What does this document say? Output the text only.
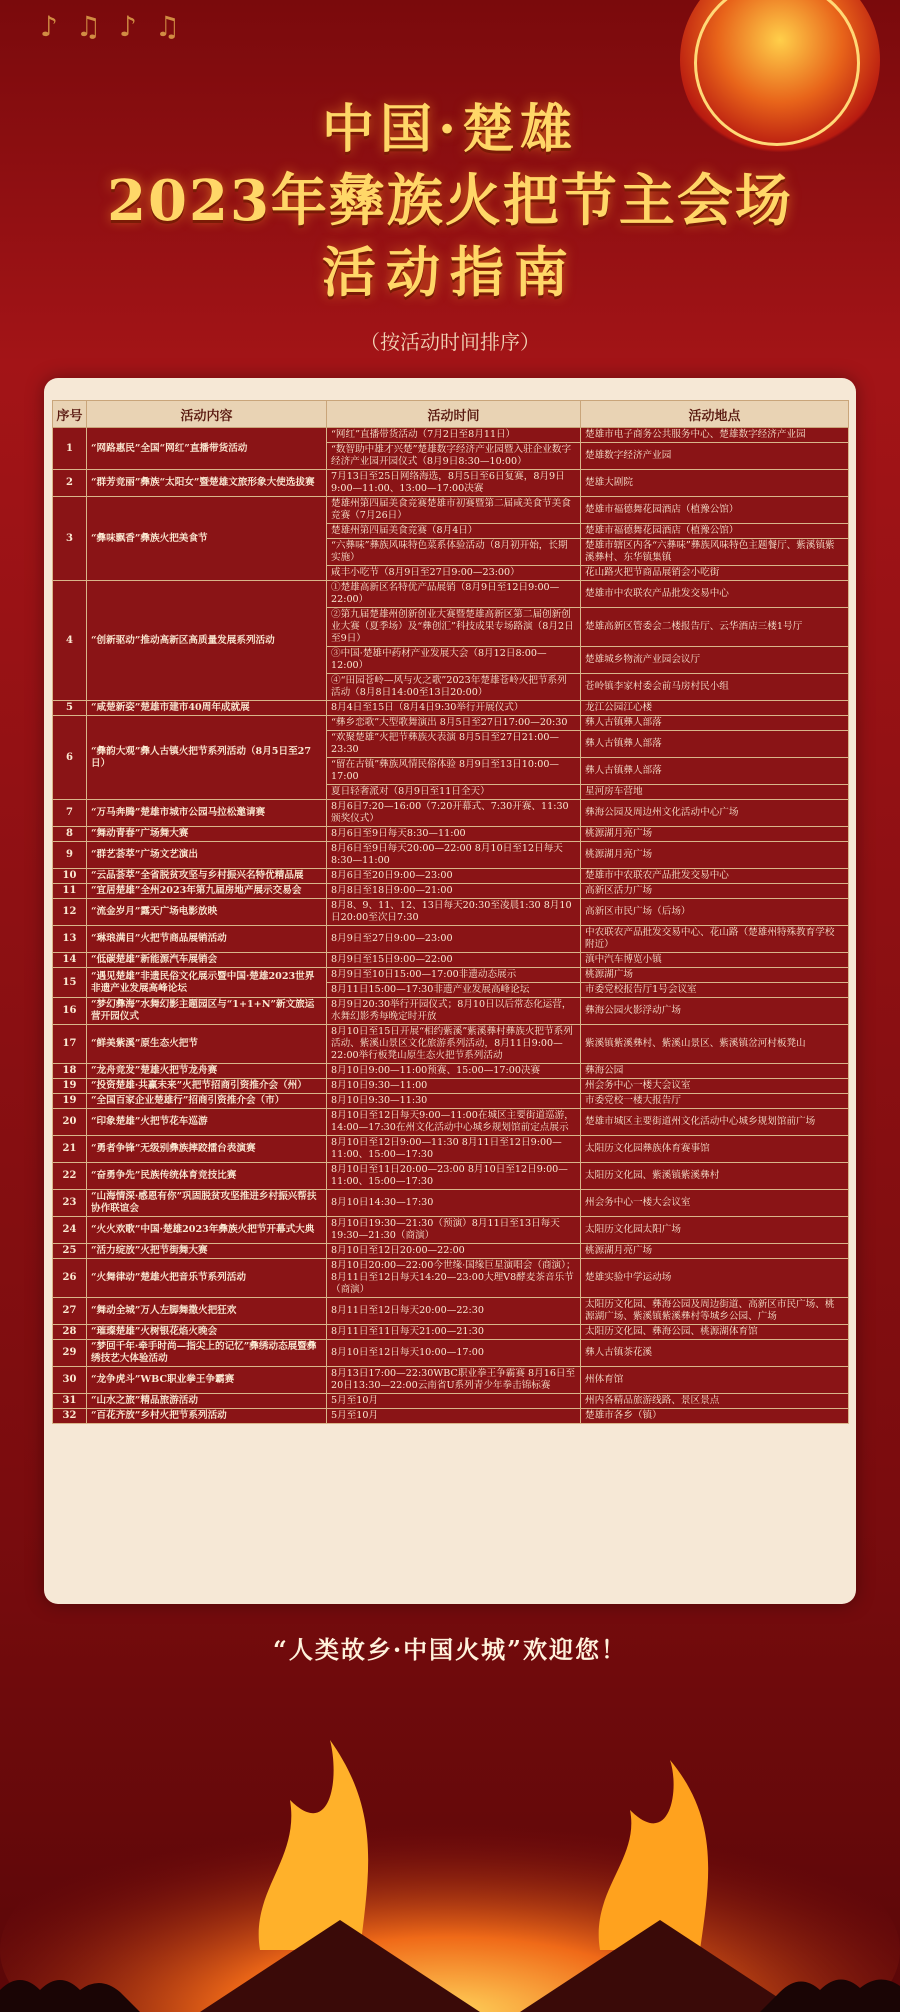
♪♫♪♫
中国·楚雄
2023年彝族火把节主会场
活动指南
（按活动时间排序）
序号	活动内容	活动时间	活动地点
1	“网路惠民”全国“网红”直播带货活动	“网红”直播带货活动（7月2日至8月11日）	楚雄市电子商务公共服务中心、楚雄数字经济产业园
		“数智助中雄才兴楚”楚雄数字经济产业园暨入驻企业数字经济产业园开园仪式（8月9日8:30—10:00）	楚雄数字经济产业园
2	“群芳竞丽”彝族“太阳女”暨楚雄文旅形象大使选拔赛	7月13日至25日网络海选，8月5日至6日复赛，8月9日9:00—11:00、13:00—17:00决赛	楚雄大剧院
3	“彝味飘香”彝族火把美食节	楚雄州第四届美食竞赛楚雄市初赛暨第二届咸美食节美食竞赛（7月26日）	楚雄市福德舞花园酒店（植豫公馆）
		楚雄州第四届美食竞赛（8月4日）	楚雄市福德舞花园酒店（植豫公馆）
		“六彝味”彝族风味特色菜系体验活动（8月初开始，长期实施）	楚雄市辖区内各“六彝味”彝族风味特色主题餐厅、紫溪镇紫溪彝村、东华镇集镇
		咸丰小吃节（8月9日至27日9:00—23:00）	花山路火把节商品展销会小吃街
4	“创新驱动”推动高新区高质量发展系列活动	①楚雄高新区名特优产品展销（8月9日至12日9:00—22:00）	楚雄市中农联农产品批发交易中心
		②第九届楚雄州创新创业大赛暨楚雄高新区第二届创新创业大赛（夏季场）及“彝创汇”科技成果专场路演（8月2日至9日）	楚雄高新区管委会二楼报告厅、云华酒店三楼1号厅
		③中国·楚雄中药材产业发展大会（8月12日8:00—12:00）	楚雄城乡物流产业园会议厅
		④“田园苍岭—风与火之歌”2023年楚雄苍岭火把节系列活动（8月8日14:00至13日20:00）	苍岭镇李家村委会前马房村民小组
5	“咸楚新姿”楚雄市建市40周年成就展	8月4日至15日（8月4日9:30举行开展仪式）	龙江公园江心楼
6	“彝韵大观”彝人古镇火把节系列活动（8月5日至27日）	“彝乡恋歌”大型歌舞演出 8月5日至27日17:00—20:30	彝人古镇彝人部落
		“欢聚楚雄”火把节彝族火表演 8月5日至27日21:00—23:30	彝人古镇彝人部落
		“留在古镇”彝族风情民俗体验 8月9日至13日10:00—17:00	彝人古镇彝人部落
		夏日轻奢派对（8月9日至11日全天）	星河房车营地
7	“万马奔腾”楚雄市城市公园马拉松邀请赛	8月6日7:20—16:00（7:20开幕式、7:30开赛、11:30颁奖仪式）	彝海公园及周边州文化活动中心广场
8	“舞动青春”广场舞大赛	8月6日至9日每天8:30—11:00	桃源湖月亮广场
9	“群艺荟萃”广场文艺演出	8月6日至9日每天20:00—22:00 8月10日至12日每天8:30—11:00	桃源湖月亮广场
10	“云品荟萃”全省脱贫攻坚与乡村振兴名特优精品展	8月6日至20日9:00—23:00	楚雄市中农联农产品批发交易中心
11	“宜居楚雄”全州2023年第九届房地产展示交易会	8月8日至18日9:00—21:00	高新区活力广场
12	“流金岁月”露天广场电影放映	8月8、9、11、12、13日每天20:30至凌晨1:30 8月10日20:00至次日7:30	高新区市民广场（后场）
13	“琳琅满目”火把节商品展销活动	8月9日至27日9:00—23:00	中农联农产品批发交易中心、花山路（楚雄州特殊教育学校附近）
14	“低碳楚雄”新能源汽车展销会	8月9日至15日9:00—22:00	滇中汽车博览小镇
15	“遇见楚雄”非遗民俗文化展示暨中国·楚雄2023世界非遗产业发展高峰论坛	8月9日至10日15:00—17:00非遗动态展示	桃源湖广场
		8月11日15:00—17:30非遗产业发展高峰论坛	市委党校报告厅1号会议室
16	“梦幻彝海”水舞幻影主题园区与“1+1+N”新文旅运营开园仪式	8月9日20:30举行开园仪式；8月10日以后常态化运营，水舞幻影秀每晚定时开放	彝海公园火影浮动广场
17	“鲜美紫溪”原生态火把节	8月10日至15日开展“相约紫溪”紫溪彝村彝族火把节系列活动、紫溪山景区文化旅游系列活动，8月11日9:00—22:00举行板凳山原生态火把节系列活动	紫溪镇紫溪彝村、紫溪山景区、紫溪镇岔河村板凳山
18	“龙舟竞发”楚雄火把节龙舟赛	8月10日9:00—11:00预赛、15:00—17:00决赛	彝海公园
19	“投资楚雄·共赢未来”火把节招商引资推介会（州）	8月10日9:30—11:00	州会务中心一楼大会议室
19	“全国百家企业楚雄行”招商引资推介会（市）	8月10日9:30—11:30	市委党校一楼大报告厅
20	“印象楚雄”火把节花车巡游	8月10日至12日每天9:00—11:00在城区主要街道巡游，14:00—17:30在州文化活动中心城乡规划馆前定点展示	楚雄市城区主要街道州文化活动中心城乡规划馆前广场
21	“勇者争锋”无级别彝族摔跤擂台表演赛	8月10日至12日9:00—11:30 8月11日至12日9:00—11:00、15:00—17:30	太阳历文化园彝族体育赛事馆
22	“奋勇争先”民族传统体育竞技比赛	8月10日至11日20:00—23:00 8月10日至12日9:00—11:00、15:00—17:30	太阳历文化园、紫溪镇紫溪彝村
23	“山海情深·感恩有你”巩固脱贫攻坚推进乡村振兴帮扶协作联谊会	8月10日14:30—17:30	州会务中心一楼大会议室
24	“火火欢歌”中国·楚雄2023年彝族火把节开幕式大典	8月10日19:30—21:30（预演）8月11日至13日每天19:30—21:30（商演）	太阳历文化园太阳广场
25	“活力绽放”火把节街舞大赛	8月10日至12日20:00—22:00	桃源湖月亮广场
26	“火舞律动”楚雄火把音乐节系列活动	8月10日20:00—22:00今世缘·国缘巨星演唱会（商演）；8月11日至12日每天14:20—23:00大理V8酵麦茶音乐节（商演）	楚雄实验中学运动场
27	“舞动全城”万人左脚舞撒火把狂欢	8月11日至12日每天20:00—22:30	太阳历文化园、彝海公园及周边街道、高新区市民广场、桃源湖广场、紫溪镇紫溪彝村等城乡公园、广场
28	“璀璨楚雄”火树银花焰火晚会	8月11日至11日每天21:00—21:30	太阳历文化园、彝海公园、桃源湖体育馆
29	“梦回千年·牵手时尚—指尖上的记忆”彝绣动态展暨彝绣技艺大体验活动	8月10日至12日每天10:00—17:00	彝人古镇茶花溪
30	“龙争虎斗”WBC职业拳王争霸赛	8月13日17:00—22:30WBC职业拳王争霸赛 8月16日至20日13:30—22:00云南省U系列青少年拳击锦标赛	州体育馆
31	“山水之旅”精品旅游活动	5月至10月	州内各精品旅游线路、景区景点
32	“百花齐放”乡村火把节系列活动	5月至10月	楚雄市各乡（镇）
“人类故乡·中国火城”欢迎您！
